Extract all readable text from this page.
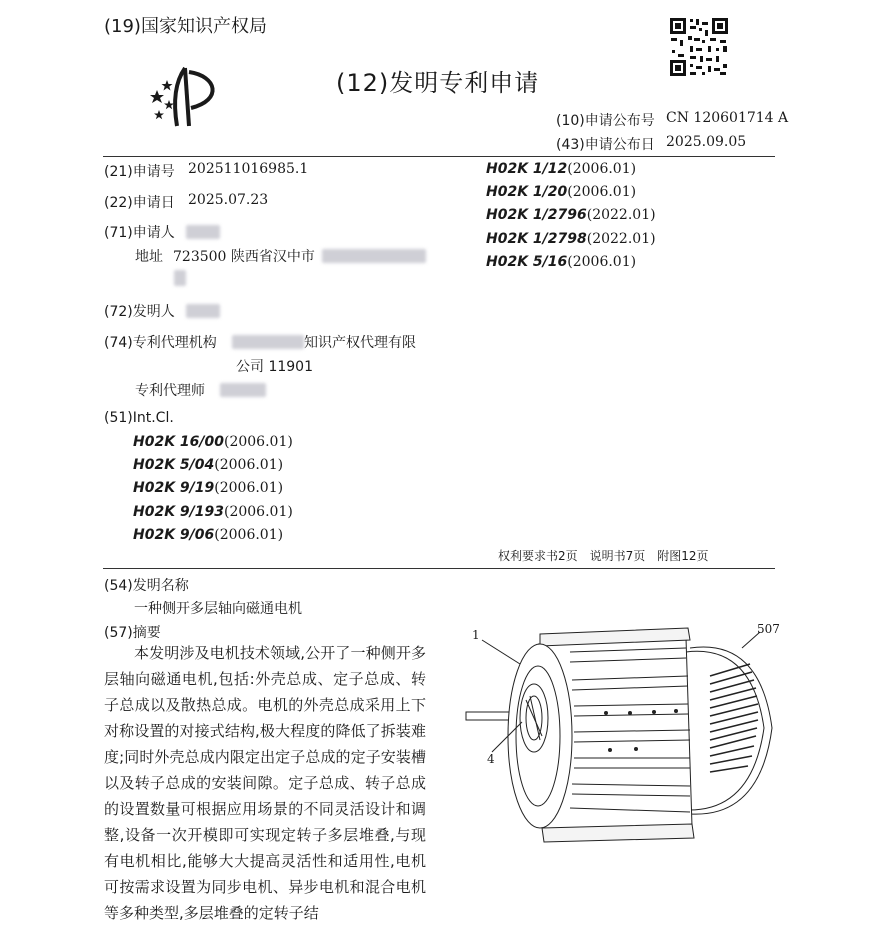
(19)国家知识产权局
(12)发明专利申请
(10)申请公布号 CN 120601714 A
(43)申请公布日 2025.09.05
(21)申请号 202511016985.1
(22)申请日 2025.07.23
(71)申请人
地址 723500 陕西省汉中市
(72)发明人
(74)专利代理机构	知识产权代理有限
公司 11901
专利代理师
(51)Int.Cl.
H02K 16/00(2006.01)
H02K 5/04(2006.01)
H02K 9/19(2006.01)
H02K 9/193(2006.01)
H02K 9/06(2006.01)
H02K 1/12(2006.01)
H02K 1/20(2006.01)
H02K 1/2796(2022.01)
H02K 1/2798(2022.01)
H02K 5/16(2006.01)
权利要求书2页　说明书7页　附图12页
(54)发明名称
一种侧开多层轴向磁通电机
(57)摘要
本发明涉及电机技术领域,公开了一种侧开多层轴向磁通电机,包括:外壳总成、定子总成、转子总成以及散热总成。电机的外壳总成采用上下对称设置的对接式结构,极大程度的降低了拆装难度;同时外壳总成内限定出定子总成的定子安装槽以及转子总成的安装间隙。定子总成、转子总成的设置数量可根据应用场景的不同灵活设计和调整,设备一次开模即可实现定转子多层堆叠,与现有电机相比,能够大大提高灵活性和适用性,电机可按需求设置为同步电机、异步电机和混合电机等多种类型,多层堆叠的定转子结
1
4
507
